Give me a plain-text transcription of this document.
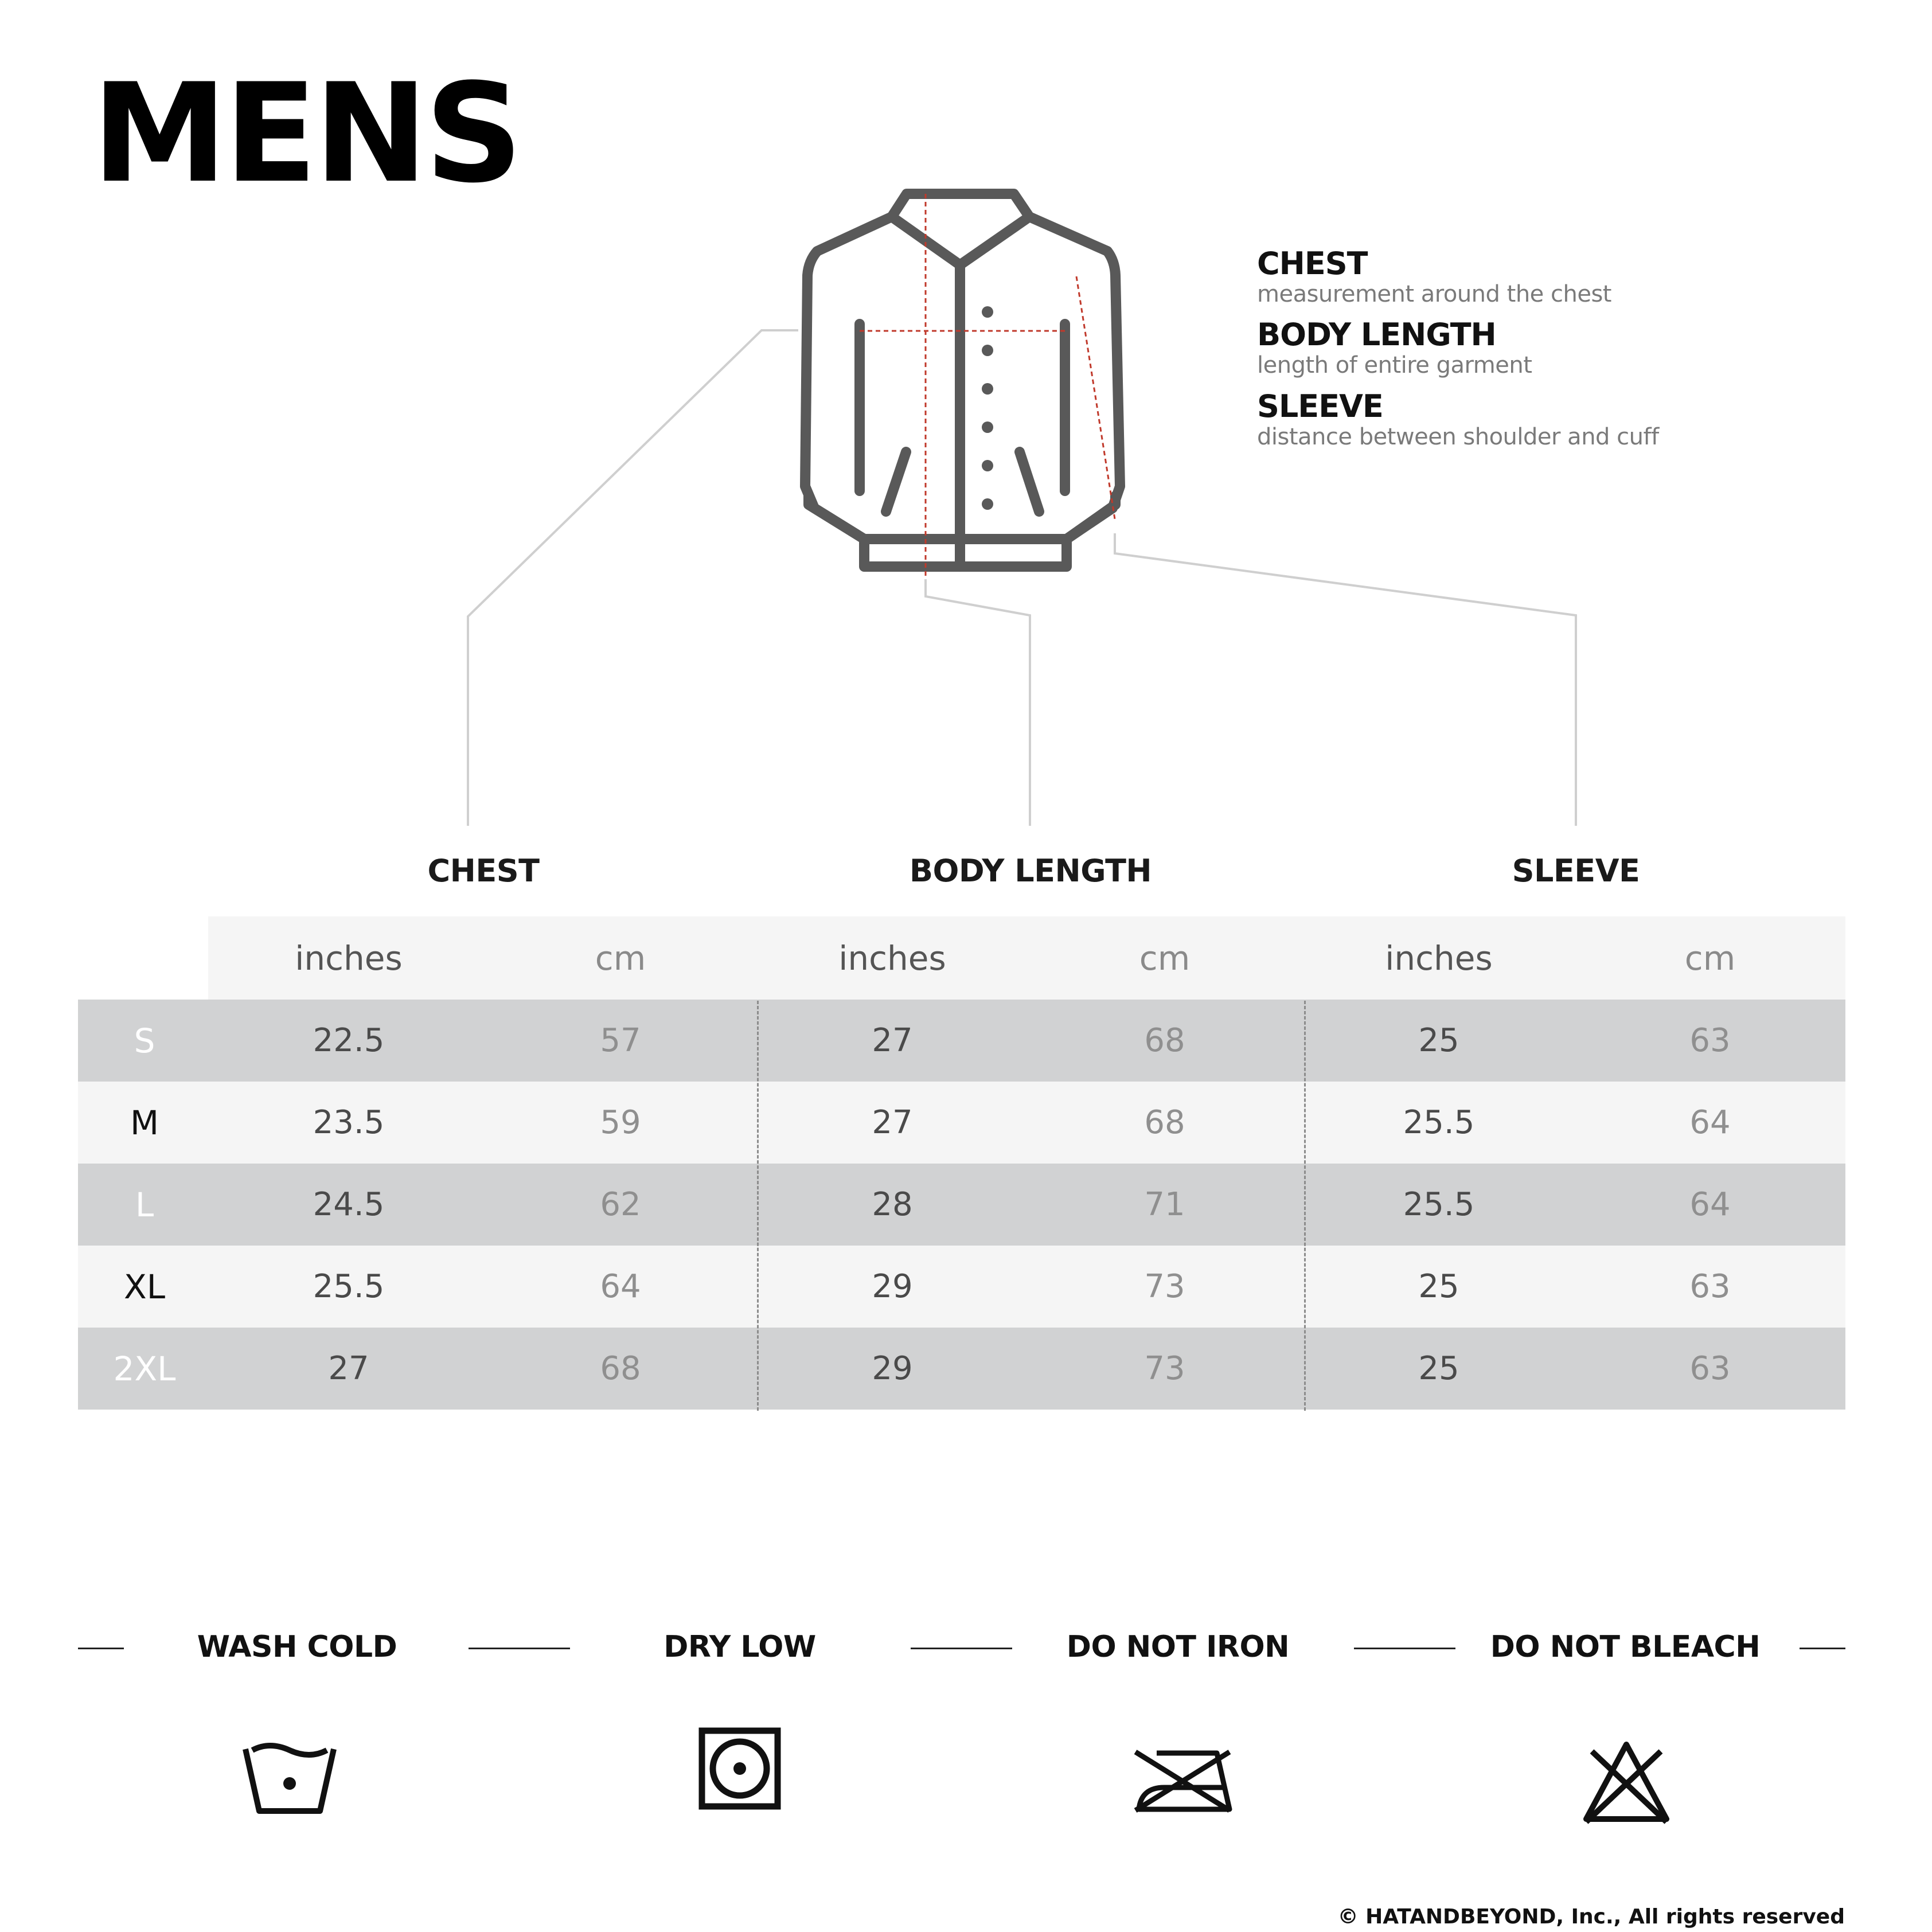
MENS
CHEST
measurement around the chest
BODY LENGTH
length of entire garment
SLEEVE
distance between shoulder and cuff
CHEST	BODY LENGTH	SLEEVE
inches	cm	inches	cm	inches	cm
S	22.5	57	27	68	25	63
M	23.5	59	27	68	25.5	64
L	24.5	62	28	71	25.5	64
XL	25.5	64	29	73	25	63
2XL	27	68	29	73	25	63
WASH COLD	DRY LOW	DO NOT IRON	DO NOT BLEACH
© HATANDBEYOND, Inc., All rights reserved
